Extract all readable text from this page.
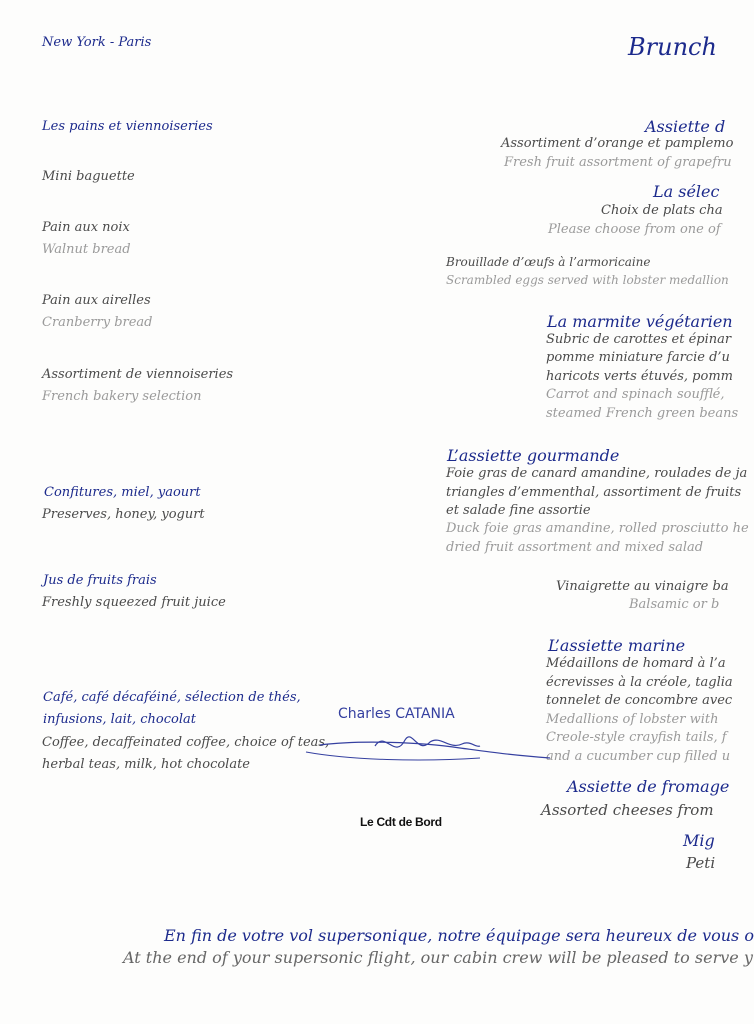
New York - Paris	Brunch
Les pains et viennoiseries
Mini baguette
Pain aux noix
Walnut bread
Pain aux airelles
Cranberry bread
Assortiment de viennoiseries
French bakery selection
Confitures, miel, yaourt
Preserves, honey, yogurt
Jus de fruits frais
Freshly squeezed fruit juice
Café, café décaféiné, sélection de thés,
infusions, lait, chocolat
Coffee, decaffeinated coffee, choice of teas,
herbal teas, milk, hot chocolate
Assiette d
Assortiment d’orange et pamplemo
Fresh fruit assortment of grapefru
La sélec
Choix de plats cha
Please choose from one of
Brouillade d’œufs à l’armoricaine
Scrambled eggs served with lobster medallion
La marmite végétarien
Subric de carottes et épinar
pomme miniature farcie d’u
haricots verts étuvés, pomm
Carrot and spinach soufflé,
steamed French green beans
L’assiette gourmande
Foie gras de canard amandine, roulades de ja
triangles d’emmenthal, assortiment de fruits
et salade fine assortie
Duck foie gras amandine, rolled prosciutto he
dried fruit assortment and mixed salad
Vinaigrette au vinaigre ba
Balsamic or b
L’assiette marine
Médaillons de homard à l’a
écrevisses à la créole, taglia
tonnelet de concombre avec
Medallions of lobster with
Creole-style crayfish tails, f
and a cucumber cup filled u
Assiette de fromage
Assorted cheeses from
Mig
Peti
Charles CATANIA
Le Cdt de Bord
En fin de votre vol supersonique, notre équipage sera heureux de vous o
At the end of your supersonic flight, our cabin crew will be pleased to serve y
